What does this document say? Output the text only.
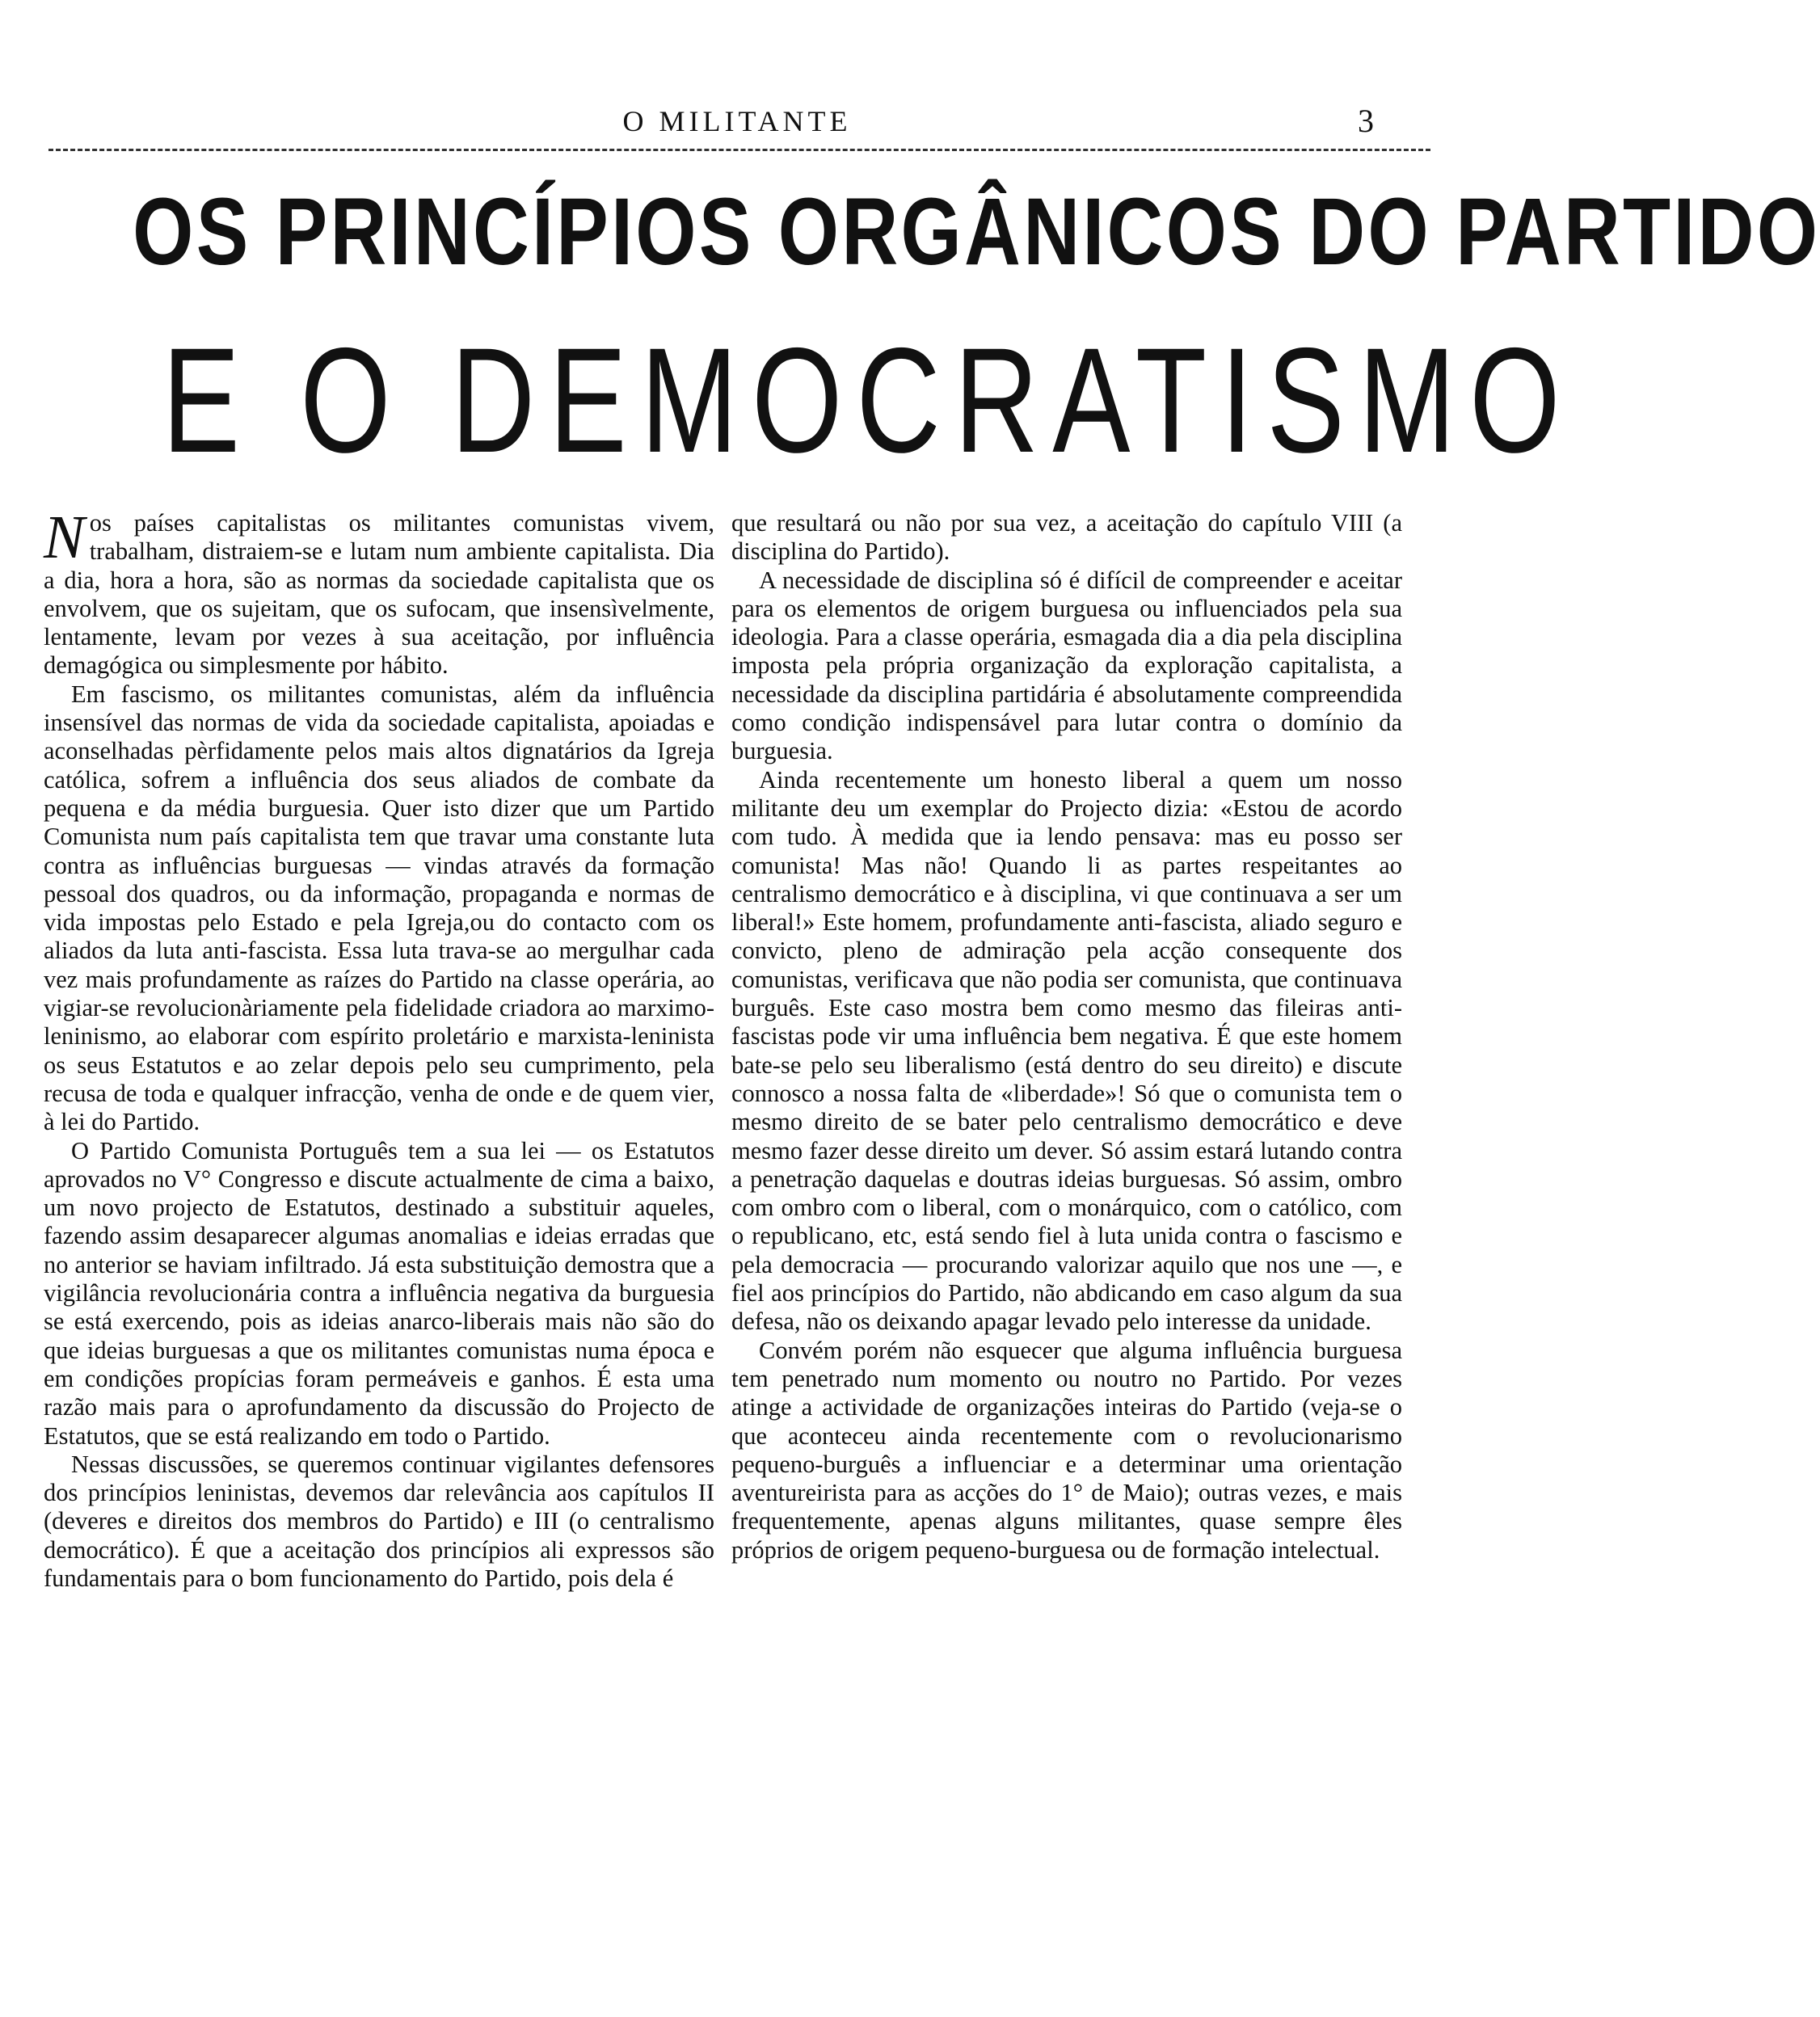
O MILITANTE	3
OS PRINCÍPIOS ORGÂNICOS DO PARTIDO
E O DEMOCRATISMO

Nos países capitalistas os militantes comunistas vivem, trabalham, distraiem-se e lutam num ambiente capitalista. Dia a dia, hora a hora, são as normas da sociedade capitalista que os envolvem, que os sujeitam, que os sufocam, que insensìvelmente, lentamente, levam por vezes à sua aceitação, por influência demagógica ou simplesmente por hábito.

Em fascismo, os militantes comunistas, além da influência insensível das normas de vida da sociedade capitalista, apoiadas e aconselhadas pèrfidamente pelos mais altos dignatários da Igreja católica, sofrem a influência dos seus aliados de combate da pequena e da média burguesia. Quer isto dizer que um Partido Comunista num país capitalista tem que travar uma constante luta contra as influências burguesas — vindas através da formação pessoal dos quadros, ou da informação, propaganda e normas de vida impostas pelo Estado e pela Igreja,ou do contacto com os aliados da luta anti-fascista. Essa luta trava-se ao mergulhar cada vez mais profundamente as raízes do Partido na classe operária, ao vigiar-se revolucionàriamente pela fidelidade criadora ao marximo-leninismo, ao elaborar com espírito proletário e marxista-leninista os seus Estatutos e ao zelar depois pelo seu cumprimento, pela recusa de toda e qualquer infracção, venha de onde e de quem vier, à lei do Partido.

O Partido Comunista Português tem a sua lei — os Estatutos aprovados no V° Congresso e discute actualmente de cima a baixo, um novo projecto de Estatutos, destinado a substituir aqueles, fazendo assim desaparecer algumas anomalias e ideias erradas que no anterior se haviam infiltrado. Já esta substituição demostra que a vigilância revolucionária contra a influência negativa da burguesia se está exercendo, pois as ideias anarco-liberais mais não são do que ideias burguesas a que os militantes comunistas numa época e em condições propícias foram permeáveis e ganhos. É esta uma razão mais para o aprofundamento da discussão do Projecto de Estatutos, que se está realizando em todo o Partido.

Nessas discussões, se queremos continuar vigilantes defensores dos princípios leninistas, devemos dar relevância aos capítulos II (deveres e direitos dos membros do Partido) e III (o centralismo democrático). É que a aceitação dos princípios ali expressos são fundamentais para o bom funcionamento do Partido, pois dela é

que resultará ou não por sua vez, a aceitação do capítulo VIII (a disciplina do Partido).

A necessidade de disciplina só é difícil de compreender e aceitar para os elementos de origem burguesa ou influenciados pela sua ideologia. Para a classe operária, esmagada dia a dia pela disciplina imposta pela própria organização da exploração capitalista, a necessidade da disciplina partidária é absolutamente compreendida como condição indispensável para lutar contra o domínio da burguesia.

Ainda recentemente um honesto liberal a quem um nosso militante deu um exemplar do Projecto dizia: «Estou de acordo com tudo. À medida que ia lendo pensava: mas eu posso ser comunista! Mas não! Quando li as partes respeitantes ao centralismo democrático e à disciplina, vi que continuava a ser um liberal!» Este homem, profundamente anti-fascista, aliado seguro e convicto, pleno de admiração pela acção consequente dos comunistas, verificava que não podia ser comunista, que continuava burguês. Este caso mostra bem como mesmo das fileiras anti-fascistas pode vir uma influência bem negativa. É que este homem bate-se pelo seu liberalismo (está dentro do seu direito) e discute connosco a nossa falta de «liberdade»! Só que o comunista tem o mesmo direito de se bater pelo centralismo democrático e deve mesmo fazer desse direito um dever. Só assim estará lutando contra a penetração daquelas e doutras ideias burguesas. Só assim, ombro com ombro com o liberal, com o monárquico, com o católico, com o republicano, etc, está sendo fiel à luta unida contra o fascismo e pela democracia — procurando valorizar aquilo que nos une —, e fiel aos princípios do Partido, não abdicando em caso algum da sua defesa, não os deixando apagar levado pelo interesse da unidade.

Convém porém não esquecer que alguma influência burguesa tem penetrado num momento ou noutro no Partido. Por vezes atinge a actividade de organizações inteiras do Partido (veja-se o que aconteceu ainda recentemente com o revolucionarismo pequeno-burguês a influenciar e a determinar uma orientação aventureirista para as acções do 1° de Maio); outras vezes, e mais frequentemente, apenas alguns militantes, quase sempre êles próprios de origem pequeno-burguesa ou de formação intelectual.
